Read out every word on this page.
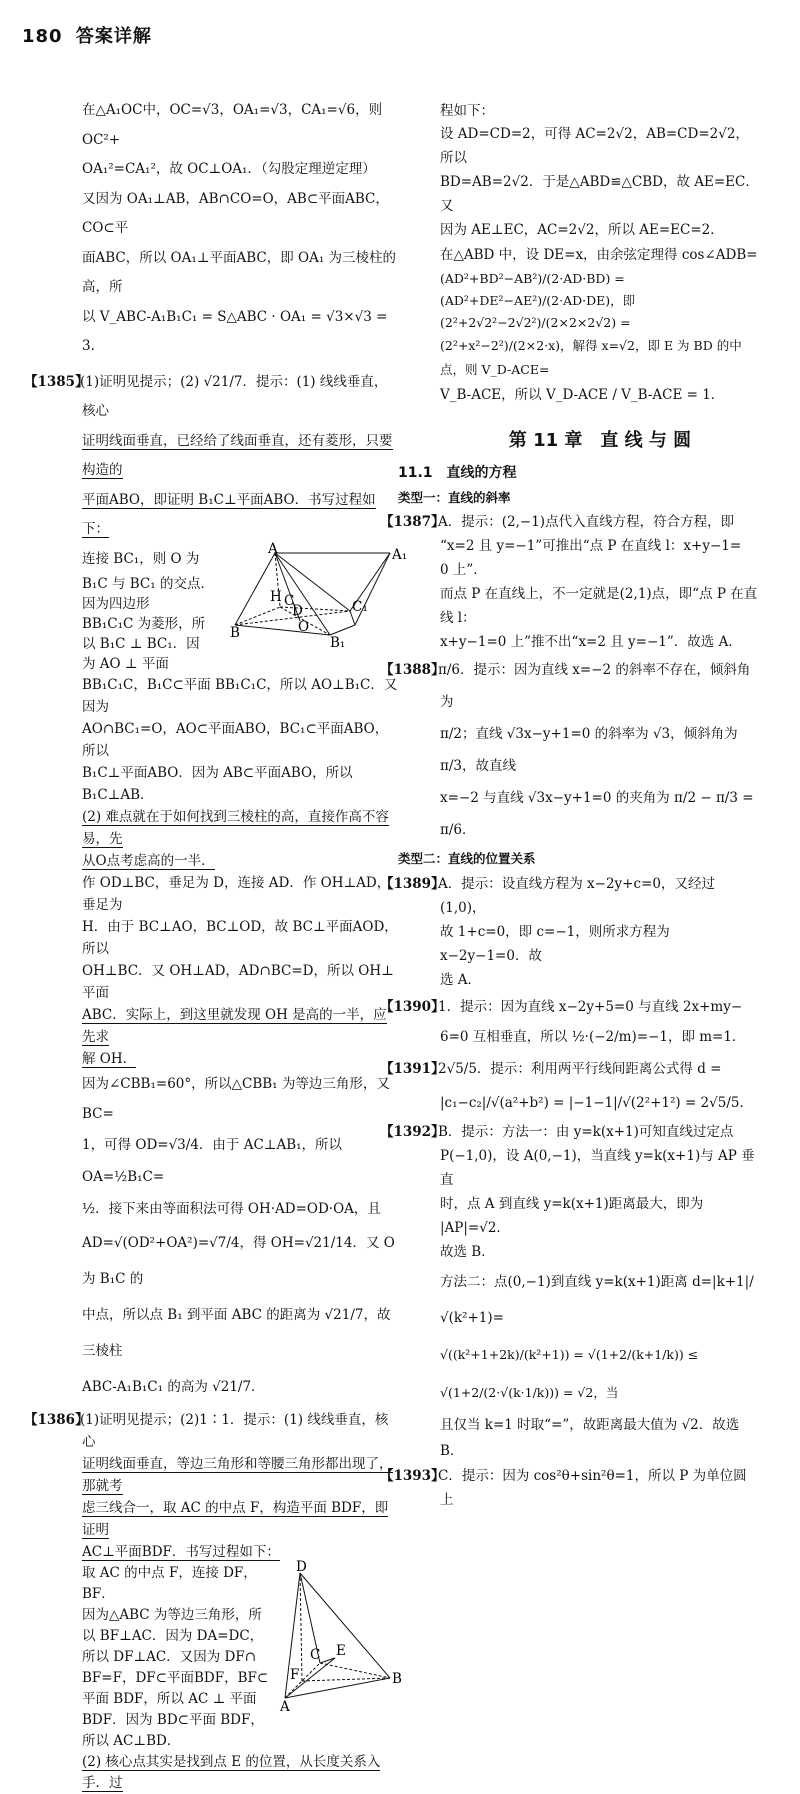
180 答案详解

在△A₁OC中，OC=√3，OA₁=√3，CA₁=√6，则 OC²+

OA₁²=CA₁²，故 OC⊥OA₁．（勾股定理逆定理）

又因为 OA₁⊥AB，AB∩CO=O，AB⊂平面ABC，CO⊂平

面ABC，所以 OA₁⊥平面ABC，即 OA₁ 为三棱柱的高，所

以 V_ABC-A₁B₁C₁ = S△ABC · OA₁ = √3×√3 = 3.

【1385】(1)证明见提示；(2) √21/7．提示：(1) 线线垂直，核心

证明线面垂直，已经给了线面垂直，还有菱形，只要构造的

平面ABO，即证明 B₁C⊥平面ABO．书写过程如下：

A	A₁
H C	C₁
B	O
B₁
D

连接 BC₁，则 O 为

B₁C 与 BC₁ 的交点．

因为四边形

BB₁C₁C 为菱形，所

以 B₁C ⊥ BC₁．因

为 AO ⊥ 平面

BB₁C₁C，B₁C⊂平面 BB₁C₁C，所以 AO⊥B₁C．又因为

AO∩BC₁=O，AO⊂平面ABO，BC₁⊂平面ABO，所以

B₁C⊥平面ABO．因为 AB⊂平面ABO，所以 B₁C⊥AB．

(2) 难点就在于如何找到三棱柱的高，直接作高不容易，先

从O点考虑高的一半．

作 OD⊥BC，垂足为 D，连接 AD．作 OH⊥AD，垂足为

H．由于 BC⊥AO，BC⊥OD，故 BC⊥平面AOD，所以

OH⊥BC．又 OH⊥AD，AD∩BC=D，所以 OH⊥平面

ABC．实际上，到这里就发现 OH 是高的一半，应先求

解 OH．

因为∠CBB₁=60°，所以△CBB₁ 为等边三角形，又 BC=

1，可得 OD=√3/4．由于 AC⊥AB₁，所以 OA=½B₁C=

½．接下来由等面积法可得 OH·AD=OD·OA，且

AD=√(OD²+OA²)=√7/4，得 OH=√21/14．又 O 为 B₁C 的

中点，所以点 B₁ 到平面 ABC 的距离为 √21/7，故三棱柱

ABC-A₁B₁C₁ 的高为 √21/7．

【1386】(1)证明见提示；(2)1∶1．提示：(1) 线线垂直，核心

证明线面垂直，等边三角形和等腰三角形都出现了，那就考

虑三线合一，取 AC 的中点 F，构造平面 BDF，即证明

AC⊥平面BDF．书写过程如下：

D
C E
F
A
B

取 AC 的中点 F，连接 DF，BF．

因为△ABC 为等边三角形，所

以 BF⊥AC．因为 DA=DC，

所以 DF⊥AC．又因为 DF∩

BF=F，DF⊂平面BDF，BF⊂

平面 BDF，所以 AC ⊥ 平面

BDF．因为 BD⊂平面 BDF，

所以 AC⊥BD．

(2) 核心点其实是找到点 E 的位置，从长度关系入手．过

程如下：

设 AD=CD=2，可得 AC=2√2，AB=CD=2√2，所以

BD=AB=2√2．于是△ABD≌△CBD，故 AE=EC．又

因为 AE⊥EC，AC=2√2，所以 AE=EC=2．

在△ABD 中，设 DE=x，由余弦定理得 cos∠ADB=

(AD²+BD²−AB²)/(2·AD·BD) = (AD²+DE²−AE²)/(2·AD·DE)，即 (2²+2√2²−2√2²)/(2×2×2√2) =

(2²+x²−2²)/(2×2·x)，解得 x=√2，即 E 为 BD 的中点，则 V_D-ACE=

V_B-ACE，所以 V_D-ACE / V_B-ACE = 1．

第 11 章　直 线 与 圆

11.1　直线的方程

类型一：直线的斜率

【1387】A．提示：(2,−1)点代入直线方程，符合方程，即

“x=2 且 y=−1”可推出“点 P 在直线 l：x+y−1=

0 上”．

而点 P 在直线上，不一定就是(2,1)点，即“点 P 在直线 l：

x+y−1=0 上”推不出“x=2 且 y=−1”．故选 A．

【1388】π/6．提示：因为直线 x=−2 的斜率不存在，倾斜角为

π/2；直线 √3x−y+1=0 的斜率为 √3，倾斜角为 π/3，故直线

x=−2 与直线 √3x−y+1=0 的夹角为 π/2 − π/3 = π/6．

类型二：直线的位置关系

【1389】A．提示：设直线方程为 x−2y+c=0，又经过(1,0)，

故 1+c=0，即 c=−1，则所求方程为 x−2y−1=0．故

选 A．

【1390】1．提示：因为直线 x−2y+5=0 与直线 2x+my−

6=0 互相垂直，所以 ½·(−2/m)=−1，即 m=1．

【1391】2√5/5．提示：利用两平行线间距离公式得 d =

|c₁−c₂|/√(a²+b²) = |−1−1|/√(2²+1²) = 2√5/5．

【1392】B．提示：方法一：由 y=k(x+1)可知直线过定点

P(−1,0)，设 A(0,−1)，当直线 y=k(x+1)与 AP 垂直

时，点 A 到直线 y=k(x+1)距离最大，即为 |AP|=√2．

故选 B．

方法二：点(0,−1)到直线 y=k(x+1)距离 d=|k+1|/√(k²+1)=

√((k²+1+2k)/(k²+1)) = √(1+2/(k+1/k)) ≤ √(1+2/(2·√(k·1/k))) = √2，当

且仅当 k=1 时取“=”，故距离最大值为 √2．故选 B．

【1393】C．提示：因为 cos²θ+sin²θ=1，所以 P 为单位圆上
